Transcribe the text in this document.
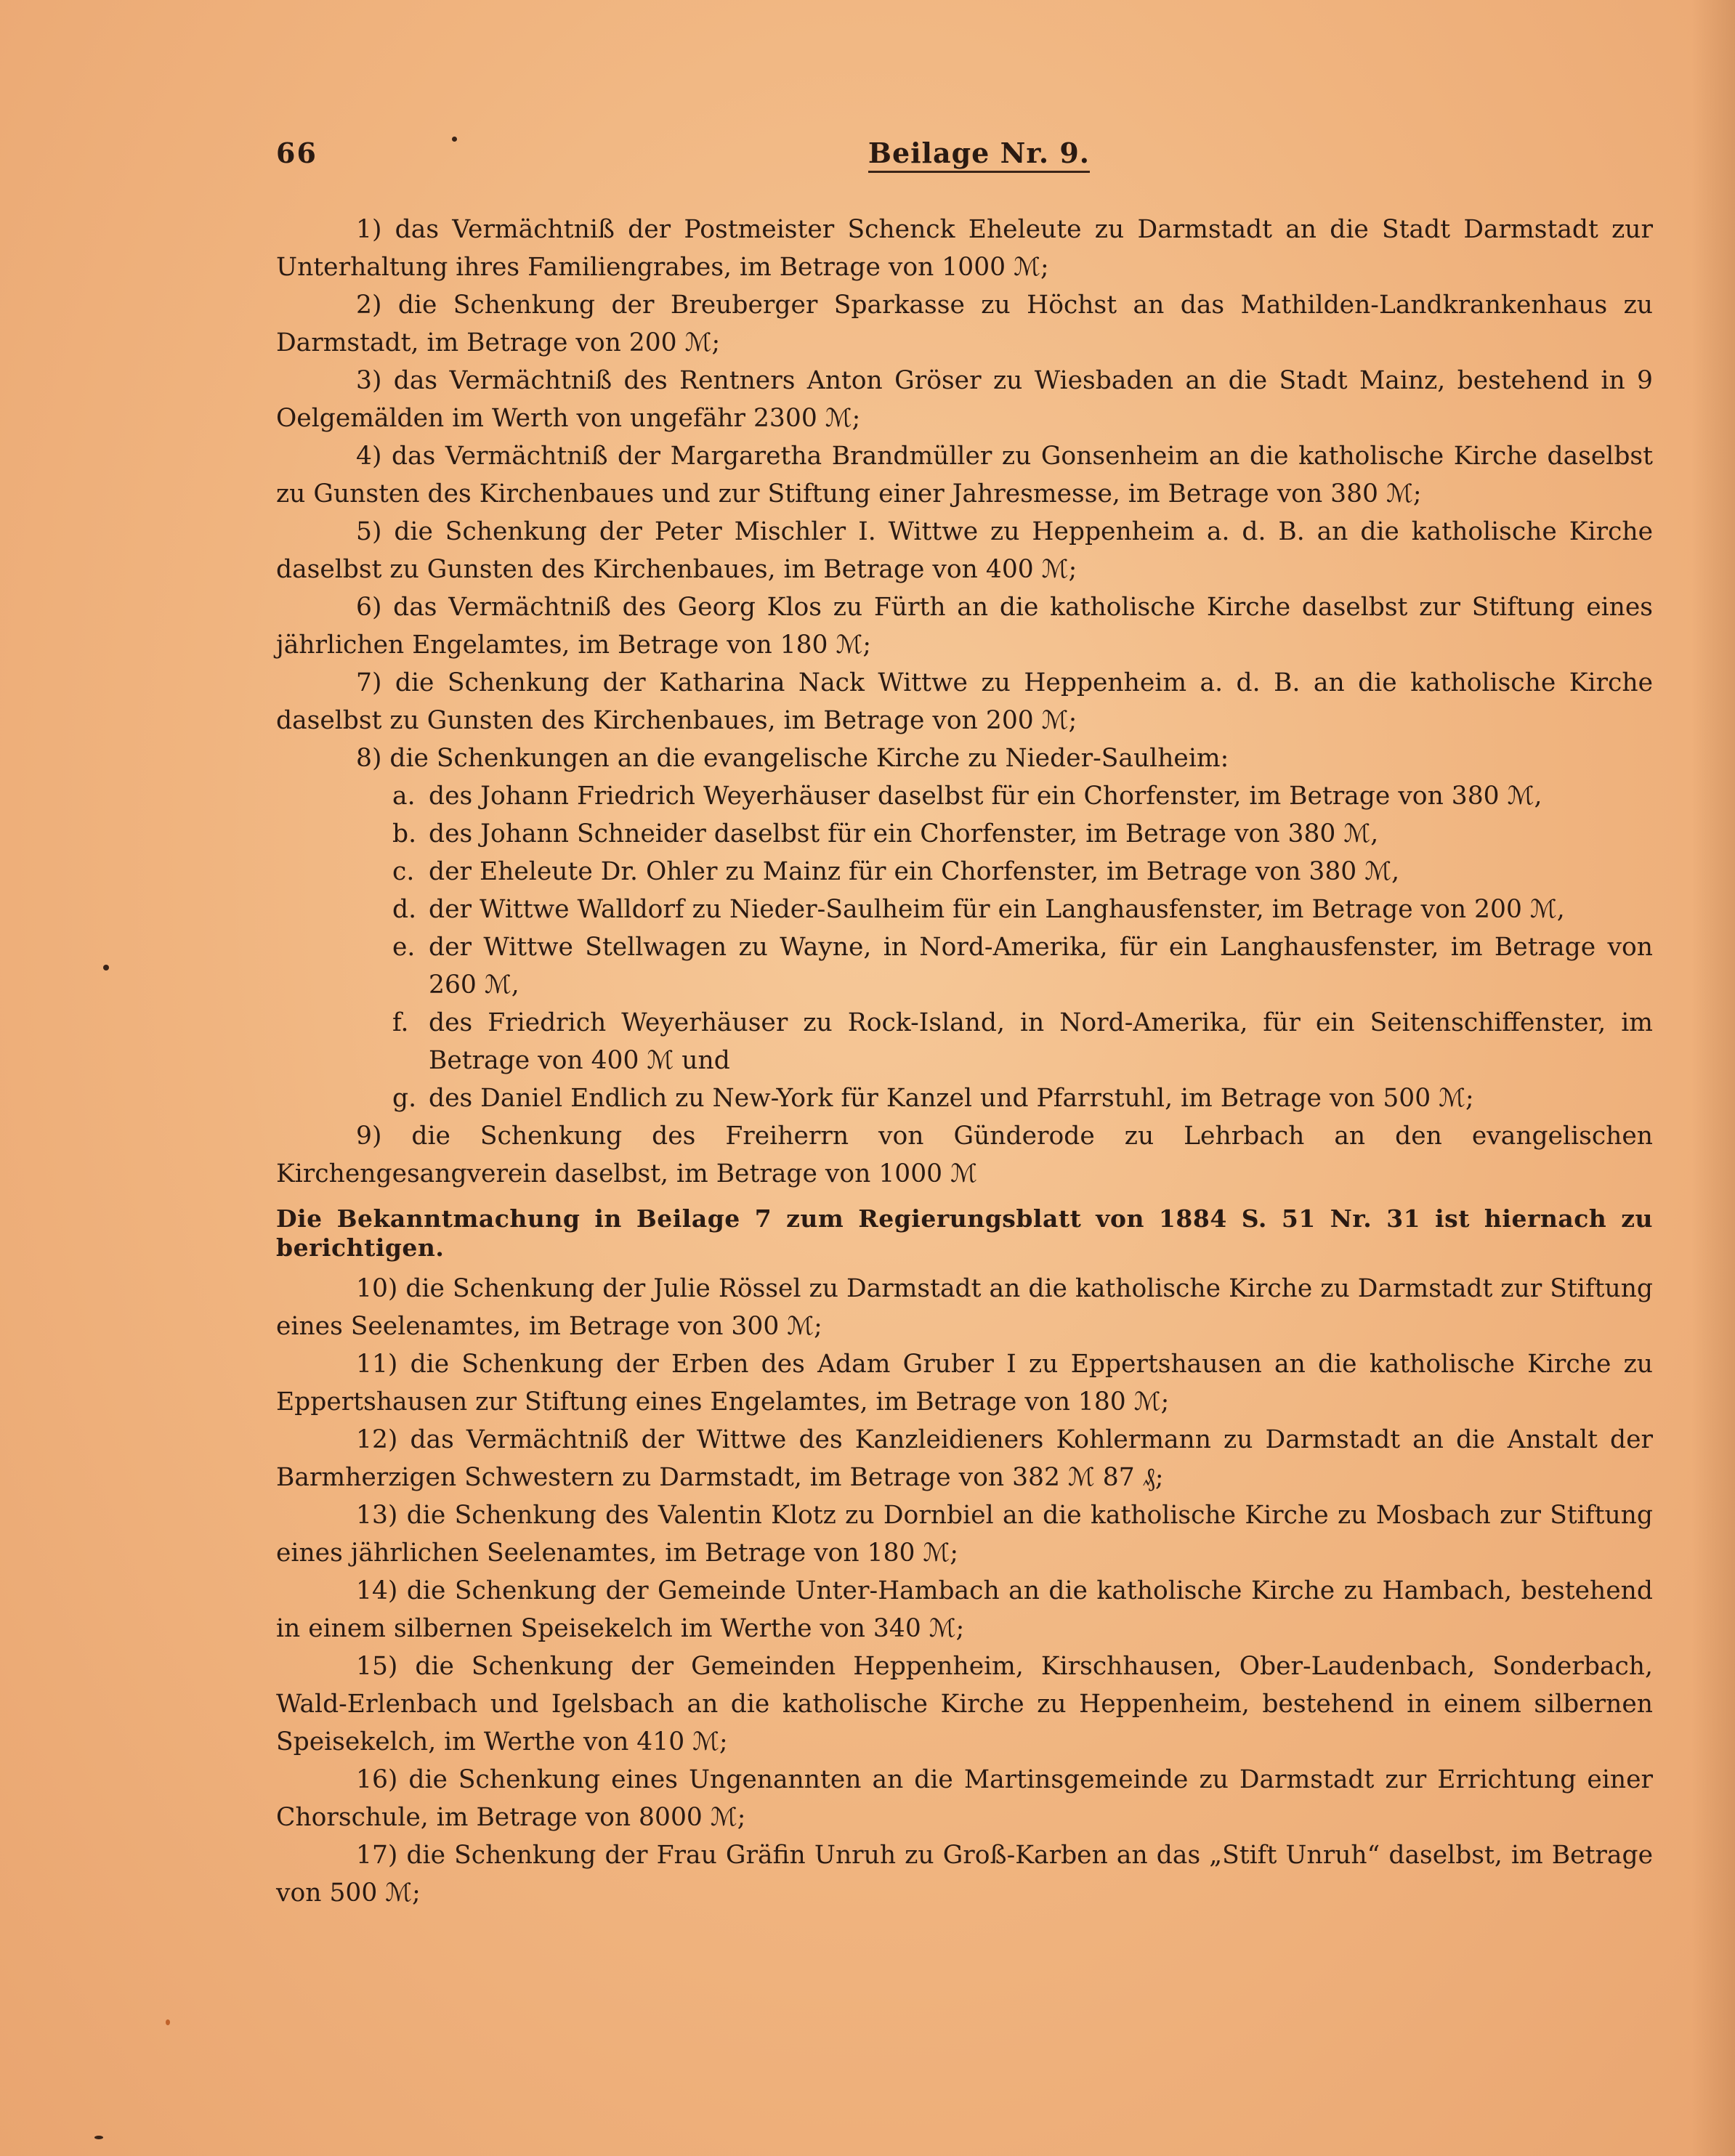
66	Beilage Nr. 9.

1) das Vermächtniß der Postmeister Schenck Eheleute zu Darmstadt an die Stadt Darmstadt zur Unterhaltung ihres Familiengrabes, im Betrage von 1000 ℳ;

2) die Schenkung der Breuberger Sparkasse zu Höchst an das Mathilden-Landkrankenhaus zu Darmstadt, im Betrage von 200 ℳ;

3) das Vermächtniß des Rentners Anton Gröser zu Wiesbaden an die Stadt Mainz, bestehend in 9 Oelgemälden im Werth von ungefähr 2300 ℳ;

4) das Vermächtniß der Margaretha Brandmüller zu Gonsenheim an die katholische Kirche daselbst zu Gunsten des Kirchenbaues und zur Stiftung einer Jahresmesse, im Betrage von 380 ℳ;

5) die Schenkung der Peter Mischler I. Wittwe zu Heppenheim a. d. B. an die katholische Kirche daselbst zu Gunsten des Kirchenbaues, im Betrage von 400 ℳ;

6) das Vermächtniß des Georg Klos zu Fürth an die katholische Kirche daselbst zur Stiftung eines jährlichen Engelamtes, im Betrage von 180 ℳ;

7) die Schenkung der Katharina Nack Wittwe zu Heppenheim a. d. B. an die katholische Kirche daselbst zu Gunsten des Kirchenbaues, im Betrage von 200 ℳ;

8) die Schenkungen an die evangelische Kirche zu Nieder-Saulheim:

a. des Johann Friedrich Weyerhäuser daselbst für ein Chorfenster, im Betrage von 380 ℳ,

b. des Johann Schneider daselbst für ein Chorfenster, im Betrage von 380 ℳ,

c. der Eheleute Dr. Ohler zu Mainz für ein Chorfenster, im Betrage von 380 ℳ,

d. der Wittwe Walldorf zu Nieder-Saulheim für ein Langhausfenster, im Betrage von 200 ℳ,

e. der Wittwe Stellwagen zu Wayne, in Nord-Amerika, für ein Langhausfenster, im Betrage von 260 ℳ,

f. des Friedrich Weyerhäuser zu Rock-Island, in Nord-Amerika, für ein Seitenschiffenster, im Betrage von 400 ℳ und

g. des Daniel Endlich zu New-York für Kanzel und Pfarrstuhl, im Betrage von 500 ℳ;

9) die Schenkung des Freiherrn von Günderode zu Lehrbach an den evangelischen Kirchengesangverein daselbst, im Betrage von 1000 ℳ

Die Bekanntmachung in Beilage 7 zum Regierungsblatt von 1884 S. 51 Nr. 31 ist hiernach zu berichtigen.

10) die Schenkung der Julie Rössel zu Darmstadt an die katholische Kirche zu Darmstadt zur Stiftung eines Seelenamtes, im Betrage von 300 ℳ;

11) die Schenkung der Erben des Adam Gruber I zu Eppertshausen an die katholische Kirche zu Eppertshausen zur Stiftung eines Engelamtes, im Betrage von 180 ℳ;

12) das Vermächtniß der Wittwe des Kanzleidieners Kohlermann zu Darmstadt an die Anstalt der Barmherzigen Schwestern zu Darmstadt, im Betrage von 382 ℳ 87 ₰;

13) die Schenkung des Valentin Klotz zu Dornbiel an die katholische Kirche zu Mosbach zur Stiftung eines jährlichen Seelenamtes, im Betrage von 180 ℳ;

14) die Schenkung der Gemeinde Unter-Hambach an die katholische Kirche zu Hambach, bestehend in einem silbernen Speisekelch im Werthe von 340 ℳ;

15) die Schenkung der Gemeinden Heppenheim, Kirschhausen, Ober-Laudenbach, Sonderbach, Wald-Erlenbach und Igelsbach an die katholische Kirche zu Heppenheim, bestehend in einem silbernen Speisekelch, im Werthe von 410 ℳ;

16) die Schenkung eines Ungenannten an die Martinsgemeinde zu Darmstadt zur Errichtung einer Chorschule, im Betrage von 8000 ℳ;

17) die Schenkung der Frau Gräfin Unruh zu Groß-Karben an das „Stift Unruh“ daselbst, im Betrage von 500 ℳ;
